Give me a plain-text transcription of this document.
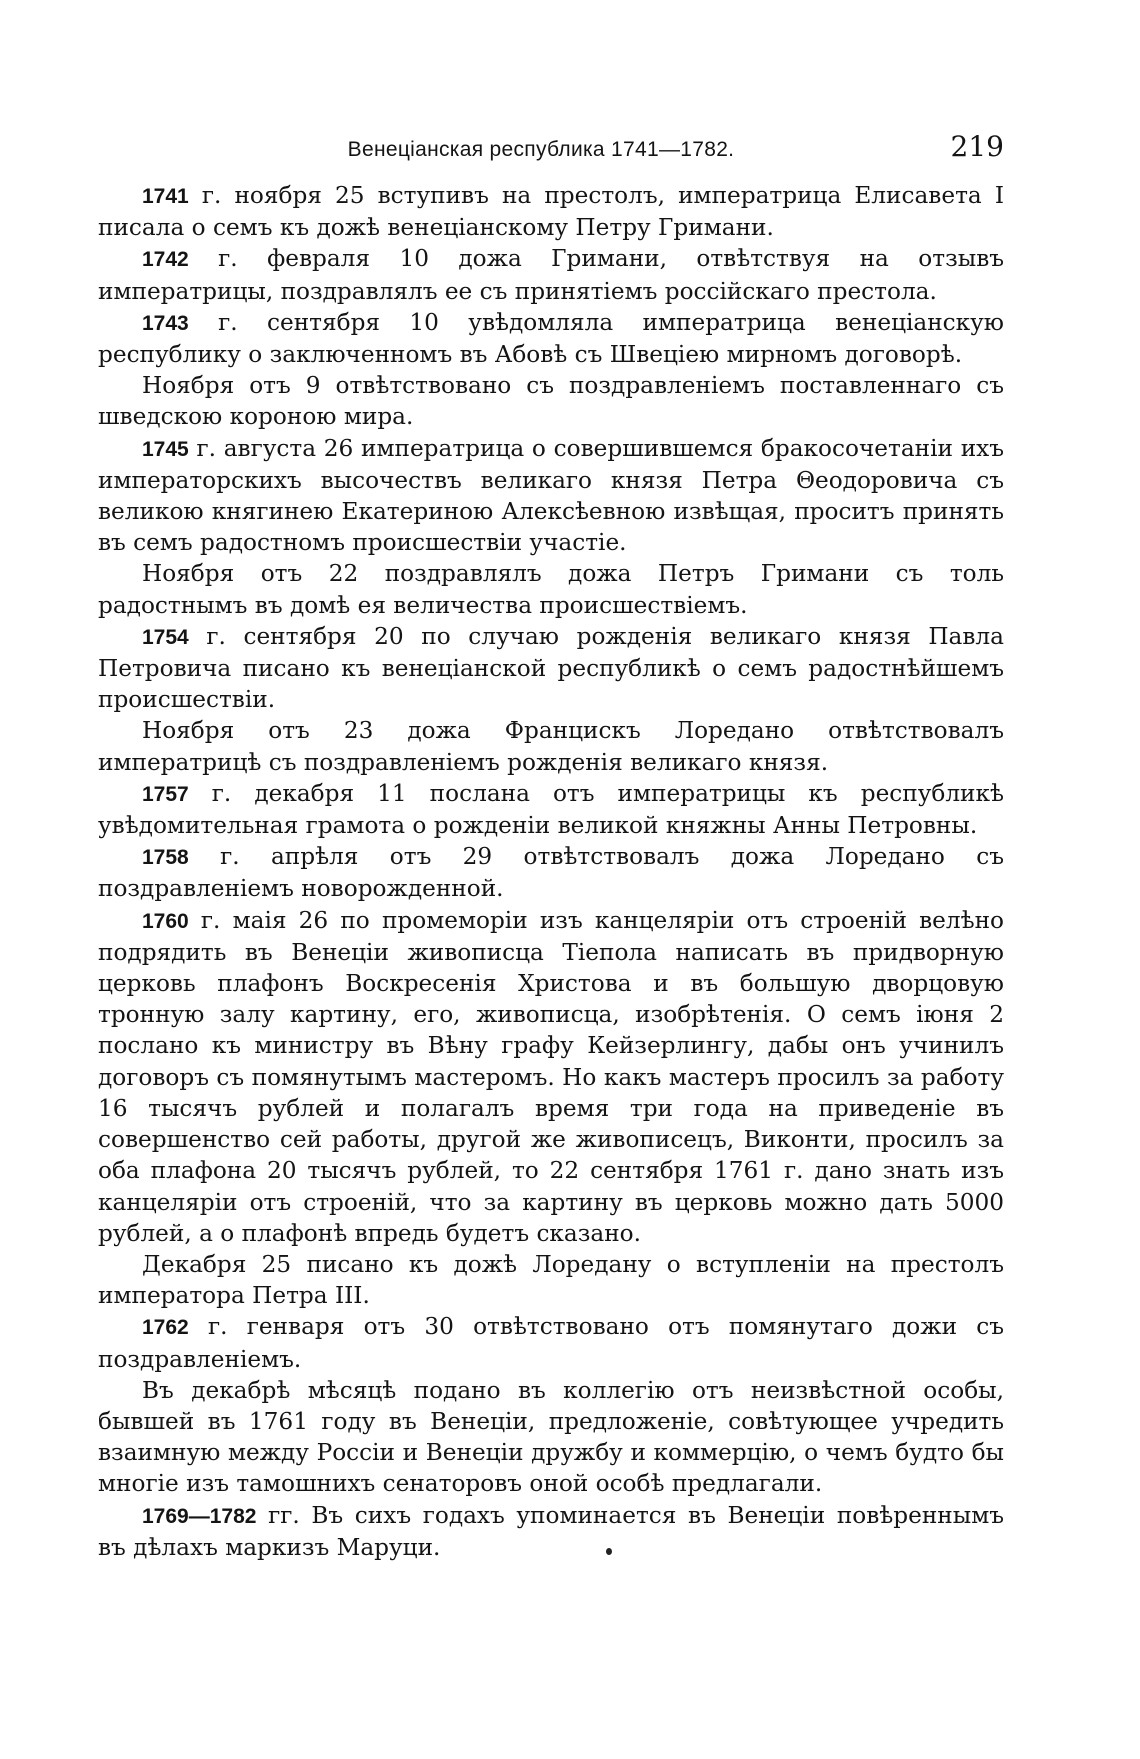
Венеціанская республика 1741—1782.	219

1741 г. ноября 25 вступивъ на престолъ, императрица Елисавета I писала о семъ къ дожѣ венеціанскому Петру Гримани.

1742 г. февраля 10 дожа Гримани, отвѣтствуя на отзывъ императрицы, поздравлялъ ее съ принятіемъ россійскаго престола.

1743 г. сентября 10 увѣдомляла императрица венеціанскую республику о заключенномъ въ Абовѣ съ Швеціею мирномъ договорѣ.

Ноября отъ 9 отвѣтствовано съ поздравленіемъ поставленнаго съ шведскою короною мира.

1745 г. августа 26 императрица о совершившемся бракосочетаніи ихъ императорскихъ высочествъ великаго князя Петра Θеодоровича съ великою княгинею Екатериною Алексѣевною извѣщая, проситъ принять въ семъ радостномъ происшествіи участіе.

Ноября отъ 22 поздравлялъ дожа Петръ Гримани съ толь радостнымъ въ домѣ ея величества происшествіемъ.

1754 г. сентября 20 по случаю рожденія великаго князя Павла Петровича писано къ венеціанской республикѣ о семъ радостнѣйшемъ происшествіи.

Ноября отъ 23 дожа Францискъ Лоредано отвѣтствовалъ императрицѣ съ поздравленіемъ рожденія великаго князя.

1757 г. декабря 11 послана отъ императрицы къ республикѣ увѣдомительная грамота о рожденіи великой княжны Анны Петровны.

1758 г. апрѣля отъ 29 отвѣтствовалъ дожа Лоредано съ поздравленіемъ новорожденной.

1760 г. маія 26 по промеморіи изъ канцеляріи отъ строеній велѣно подрядить въ Венеціи живописца Тіепола написать въ придворную церковь плафонъ Воскресенія Христова и въ большую дворцовую тронную залу картину, его, живописца, изобрѣтенія. О семъ іюня 2 послано къ министру въ Вѣну графу Кейзерлингу, дабы онъ учинилъ договоръ съ помянутымъ мастеромъ. Но какъ мастеръ просилъ за работу 16 тысячъ рублей и полагалъ время три года на приведеніе въ совершенство сей работы, другой же живописецъ, Виконти, просилъ за оба плафона 20 тысячъ рублей, то 22 сентября 1761 г. дано знать изъ канцеляріи отъ строеній, что за картину въ церковь можно дать 5000 рублей, а о плафонѣ впредь будетъ сказано.

Декабря 25 писано къ дожѣ Лоредану о вступленіи на престолъ императора Петра III.

1762 г. генваря отъ 30 отвѣтствовано отъ помянутаго дожи съ поздравленіемъ.

Въ декабрѣ мѣсяцѣ подано въ коллегію отъ неизвѣстной особы, бывшей въ 1761 году въ Венеціи, предложеніе, совѣтующее учредить взаимную между Россіи и Венеціи дружбу и коммерцію, о чемъ будто бы многіе изъ тамошнихъ сенаторовъ оной особѣ предлагали.

1769—1782 гг. Въ сихъ годахъ упоминается въ Венеціи повѣреннымъ въ дѣлахъ маркизъ Маруци.
